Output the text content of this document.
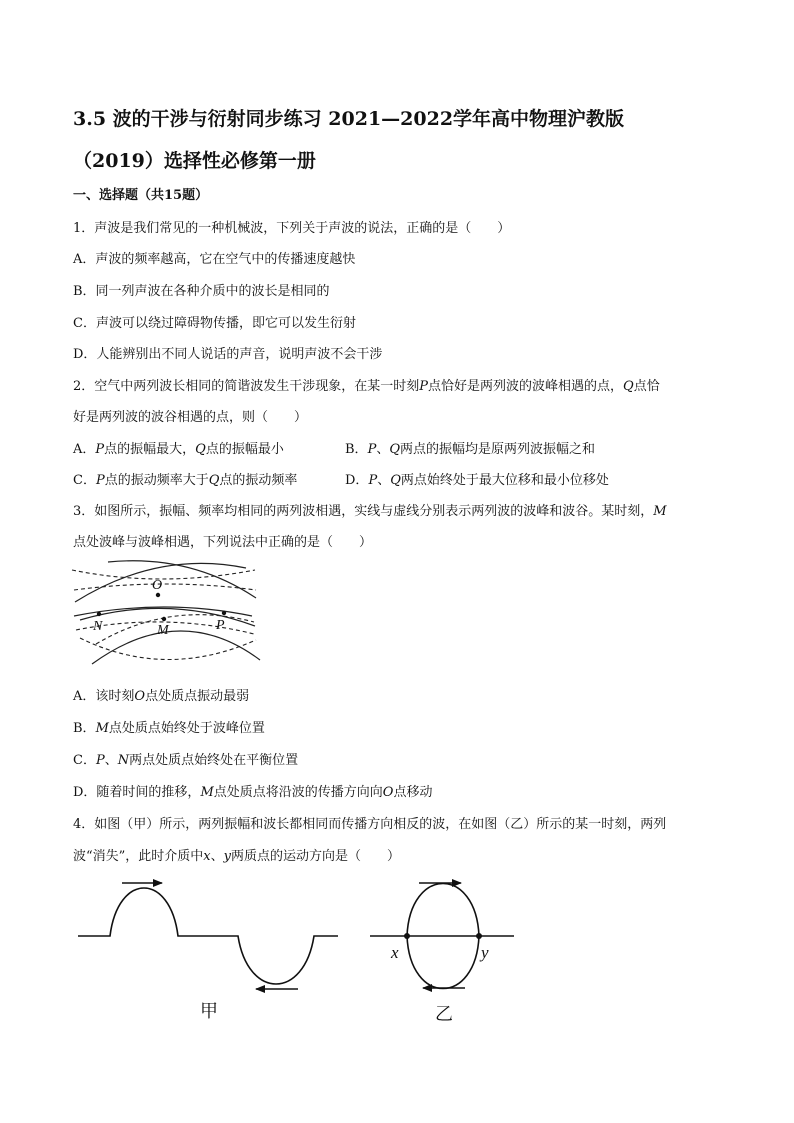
3.5 波的干涉与衍射同步练习 2021—2022学年高中物理沪教版
（2019）选择性必修第一册
一、选择题（共15题）
1．声波是我们常见的一种机械波，下列关于声波的说法，正确的是（　　）
A．声波的频率越高，它在空气中的传播速度越快
B．同一列声波在各种介质中的波长是相同的
C．声波可以绕过障碍物传播，即它可以发生衍射
D．人能辨别出不同人说话的声音，说明声波不会干涉
2．空气中两列波长相同的简谐波发生干涉现象，在某一时刻P点恰好是两列波的波峰相遇的点，Q点恰
好是两列波的波谷相遇的点，则（　　）
A．P点的振幅最大，Q点的振幅最小	B．P、Q两点的振幅均是原两列波振幅之和
C．P点的振动频率大于Q点的振动频率	D．P、Q两点始终处于最大位移和最小位移处
3．如图所示，振幅、频率均相同的两列波相遇，实线与虚线分别表示两列波的波峰和波谷。某时刻，M
点处波峰与波峰相遇，下列说法中正确的是（　　）
O
N	M	P
A．该时刻O点处质点振动最弱
B．M点处质点始终处于波峰位置
C．P、N两点处质点始终处在平衡位置
D．随着时间的推移，M点处质点将沿波的传播方向向O点移动
4．如图（甲）所示，两列振幅和波长都相同而传播方向相反的波，在如图（乙）所示的某一时刻，两列
波“消失”，此时介质中x、y两质点的运动方向是（　　）
甲
x	y
乙
